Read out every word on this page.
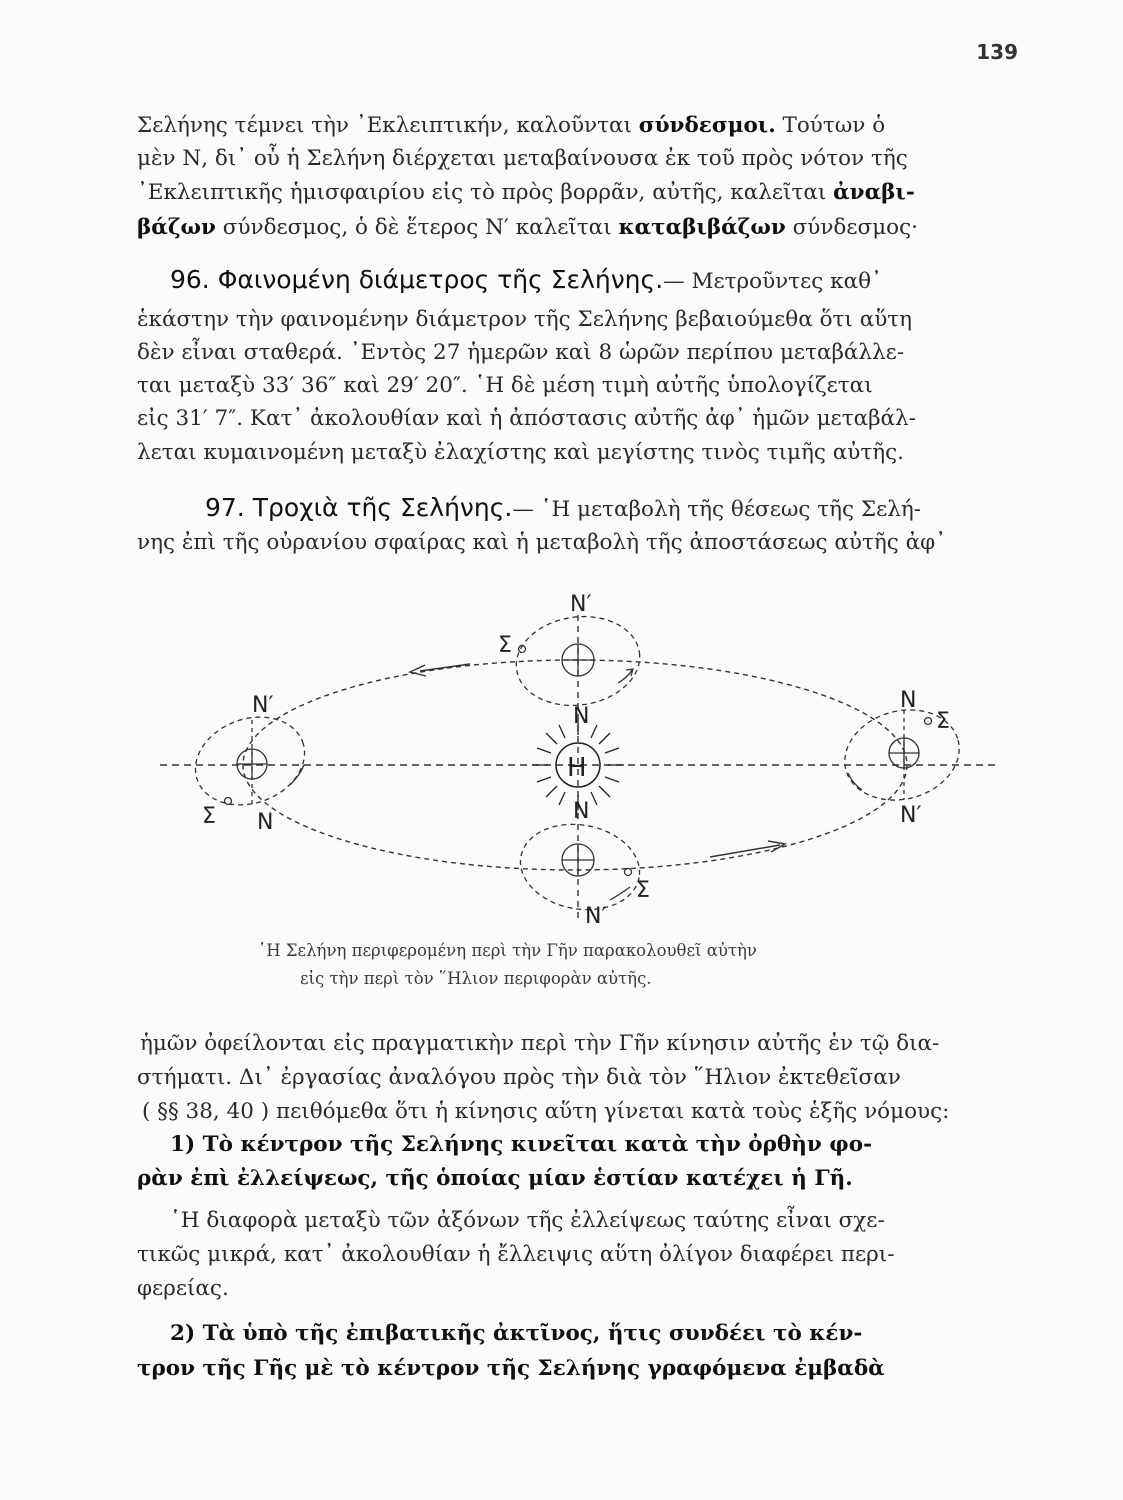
139
Σελήνης τέμνει τὴν ᾿Εκλειπτικήν, καλοῦνται σύνδεσμοι. Τούτων ὁ
μὲν Ν, δι᾿ οὗ ἡ Σελήνη διέρχεται μεταβαίνουσα ἐκ τοῦ πρὸς νότον τῆς
᾿Εκλειπτικῆς ἡμισφαιρίου εἰς τὸ πρὸς βορρᾶν, αὐτῆς, καλεῖται ἀναβι-
βάζων σύνδεσμος, ὁ δὲ ἕτερος Ν′ καλεῖται καταβιβάζων σύνδεσμος·
96. Φαινομένη διάμετρος τῆς Σελήνης.— Μετροῦντες καθ᾿
ἑκάστην τὴν φαινομένην διάμετρον τῆς Σελήνης βεβαιούμεθα ὅτι αὕτη
δὲν εἶναι σταθερά. ᾿Εντὸς 27 ἡμερῶν καὶ 8 ὡρῶν περίπου μεταβάλλε-
ται μεταξὺ 33′ 36″ καὶ 29′ 20″. ῾Η δὲ μέση τιμὴ αὐτῆς ὑπολογίζεται
εἰς 31′ 7″. Κατ᾿ ἀκολουθίαν καὶ ἡ ἀπόστασις αὐτῆς ἀφ᾿ ἡμῶν μεταβάλ-
λεται κυμαινομένη μεταξὺ ἐλαχίστης καὶ μεγίστης τινὸς τιμῆς αὐτῆς.
97. Τροχιὰ τῆς Σελήνης.— ῾Η μεταβολὴ τῆς θέσεως τῆς Σελή-
νης ἐπὶ τῆς οὐρανίου σφαίρας καὶ ἡ μεταβολὴ τῆς ἀποστάσεως αὐτῆς ἀφ᾿
H
N′
Σ
N
N
N′
Σ N
N
Σ
N′
Σ
N′
῾Η Σελήνη περιφερομένη περὶ τὴν Γῆν παρακολουθεῖ αὐτὴν
εἰς τὴν περὶ τὸν ῞Ηλιον περιφορὰν αὐτῆς.
ἡμῶν ὀφείλονται εἰς πραγματικὴν περὶ τὴν Γῆν κίνησιν αὐτῆς ἐν τῷ δια-
στήματι. Δι᾿ ἐργασίας ἀναλόγου πρὸς τὴν διὰ τὸν ῞Ηλιον ἐκτεθεῖσαν
( §§ 38, 40 ) πειθόμεθα ὅτι ἡ κίνησις αὕτη γίνεται κατὰ τοὺς ἑξῆς νόμους:
1) Τὸ κέντρον τῆς Σελήνης κινεῖται κατὰ τὴν ὀρθὴν φο-
ρὰν ἐπὶ ἐλλείψεως, τῆς ὁποίας μίαν ἑστίαν κατέχει ἡ Γῆ.
῾Η διαφορὰ μεταξὺ τῶν ἀξόνων τῆς ἐλλείψεως ταύτης εἶναι σχε-
τικῶς μικρά, κατ᾿ ἀκολουθίαν ἡ ἔλλειψις αὕτη ὀλίγον διαφέρει περι-
φερείας.
2) Τὰ ὑπὸ τῆς ἐπιβατικῆς ἀκτῖνος, ἥτις συνδέει τὸ κέν-
τρον τῆς Γῆς μὲ τὸ κέντρον τῆς Σελήνης γραφόμενα ἐμβαδὰ
